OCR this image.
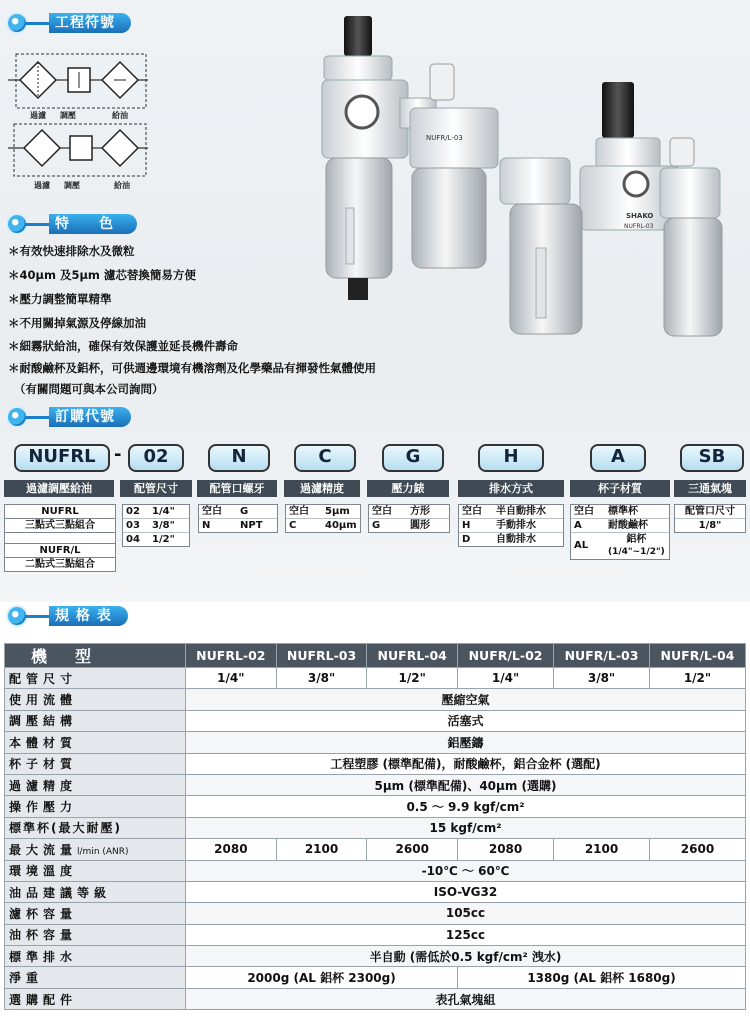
工程符號
過濾 調壓	給油
過濾 調壓	給油
NUFR/L-03
SHAKO
NUFRL-03
特　色
＊有效快速排除水及微粒
＊40µm 及5µm 濾芯替換簡易方便
＊壓力調整簡單精準
＊不用關掉氣源及停線加油
＊細霧狀給油，確保有效保護並延長機件壽命
＊耐酸鹼杯及鋁杯，可供週邊環境有機溶劑及化學藥品有揮發性氣體使用
（有關問題可與本公司詢問）
訂購代號
NUFRL	-	02	N	C	G	H	A	SB
過濾調壓給油	配管尺寸	配管口螺牙	過濾精度	壓力錶	排水方式	杯子材質	三通氣塊
NUFRL
三點式三點組合
NUFR/L
二點式三點組合
02	1/4"
03	3/8"
04	1/2"
空白	G
N	NPT
空白	5µm
C	40µm
空白	方形
G	圓形
空白	半自動排水
H	手動排水
D	自動排水
空白	標準杯
A	耐酸鹼杯
AL
鋁杯
(1/4"~1/2")
配管口尺寸
1/8"
規 格 表
機型	NUFRL-02	NUFRL-03	NUFRL-04	NUFR/L-02	NUFR/L-03	NUFR/L-04
配管尺寸	1/4"	3/8"	1/2"	1/4"	3/8"	1/2"
使用流體	壓縮空氣					
調壓結構	活塞式					
本體材質	鋁壓鑄					
杯子材質	工程塑膠 (標準配備)，耐酸鹼杯，鋁合金杯 (選配)					
過濾精度	5µm (標準配備)、40µm (選購)					
操作壓力	0.5 ～ 9.9 kgf/cm²					
標準杯(最大耐壓)	15 kgf/cm²					
最大流量l/min (ANR)	2080	2100	2600	2080	2100	2600
環境溫度	-10℃ ～ 60℃					
油品建議等級	ISO-VG32					
濾杯容量	105cc					
油杯容量	125cc					
標準排水	半自動 (需低於0.5 kgf/cm² 洩水)					
淨重	2000g (AL 鋁杯 2300g)			1380g (AL 鋁杯 1680g)		
選購配件	表孔氣塊組					
